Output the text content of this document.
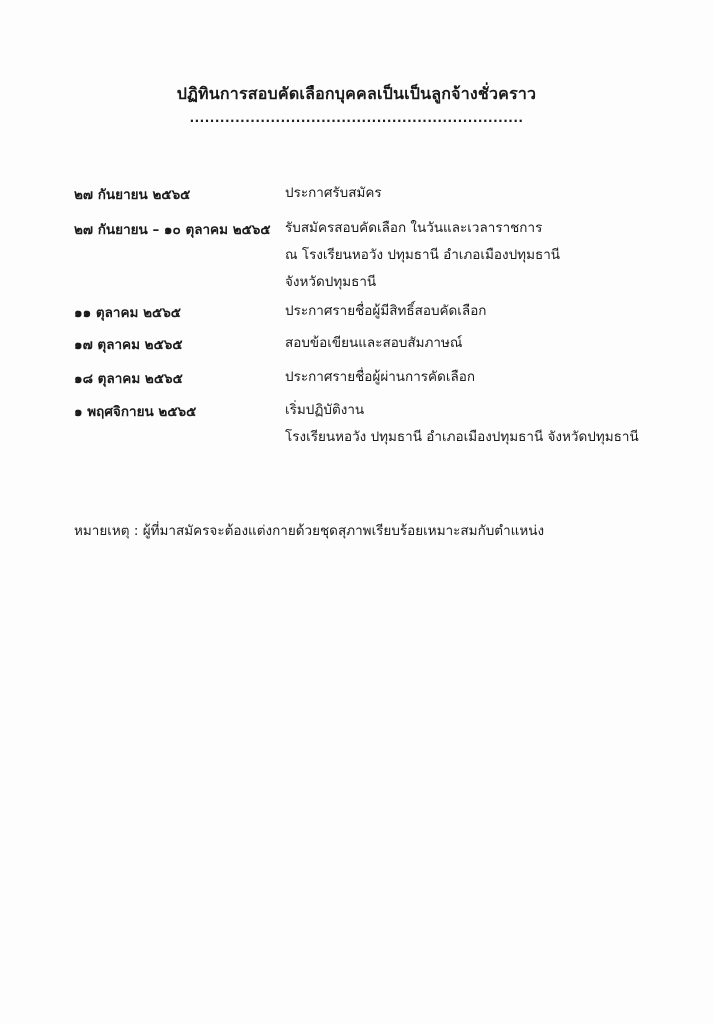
ปฏิทินการสอบคัดเลือกบุคคลเป็นเป็นลูกจ้างชั่วคราว
..................................................................
๒๗ กันยายน ๒๕๖๕	ประกาศรับสมัคร
๒๗ กันยายน – ๑๐ ตุลาคม ๒๕๖๕ รับสมัครสอบคัดเลือก ในวันและเวลาราชการ
ณ โรงเรียนหอวัง ปทุมธานี อำเภอเมืองปทุมธานี
จังหวัดปทุมธานี
๑๑ ตุลาคม ๒๕๖๕	ประกาศรายชื่อผู้มีสิทธิ์สอบคัดเลือก
๑๗ ตุลาคม ๒๕๖๕	สอบข้อเขียนและสอบสัมภาษณ์
๑๘ ตุลาคม ๒๕๖๕	ประกาศรายชื่อผู้ผ่านการคัดเลือก
๑ พฤศจิกายน ๒๕๖๕	เริ่มปฏิบัติงาน
โรงเรียนหอวัง ปทุมธานี อำเภอเมืองปทุมธานี จังหวัดปทุมธานี
หมายเหตุ : ผู้ที่มาสมัครจะต้องแต่งกายด้วยชุดสุภาพเรียบร้อยเหมาะสมกับตำแหน่ง
